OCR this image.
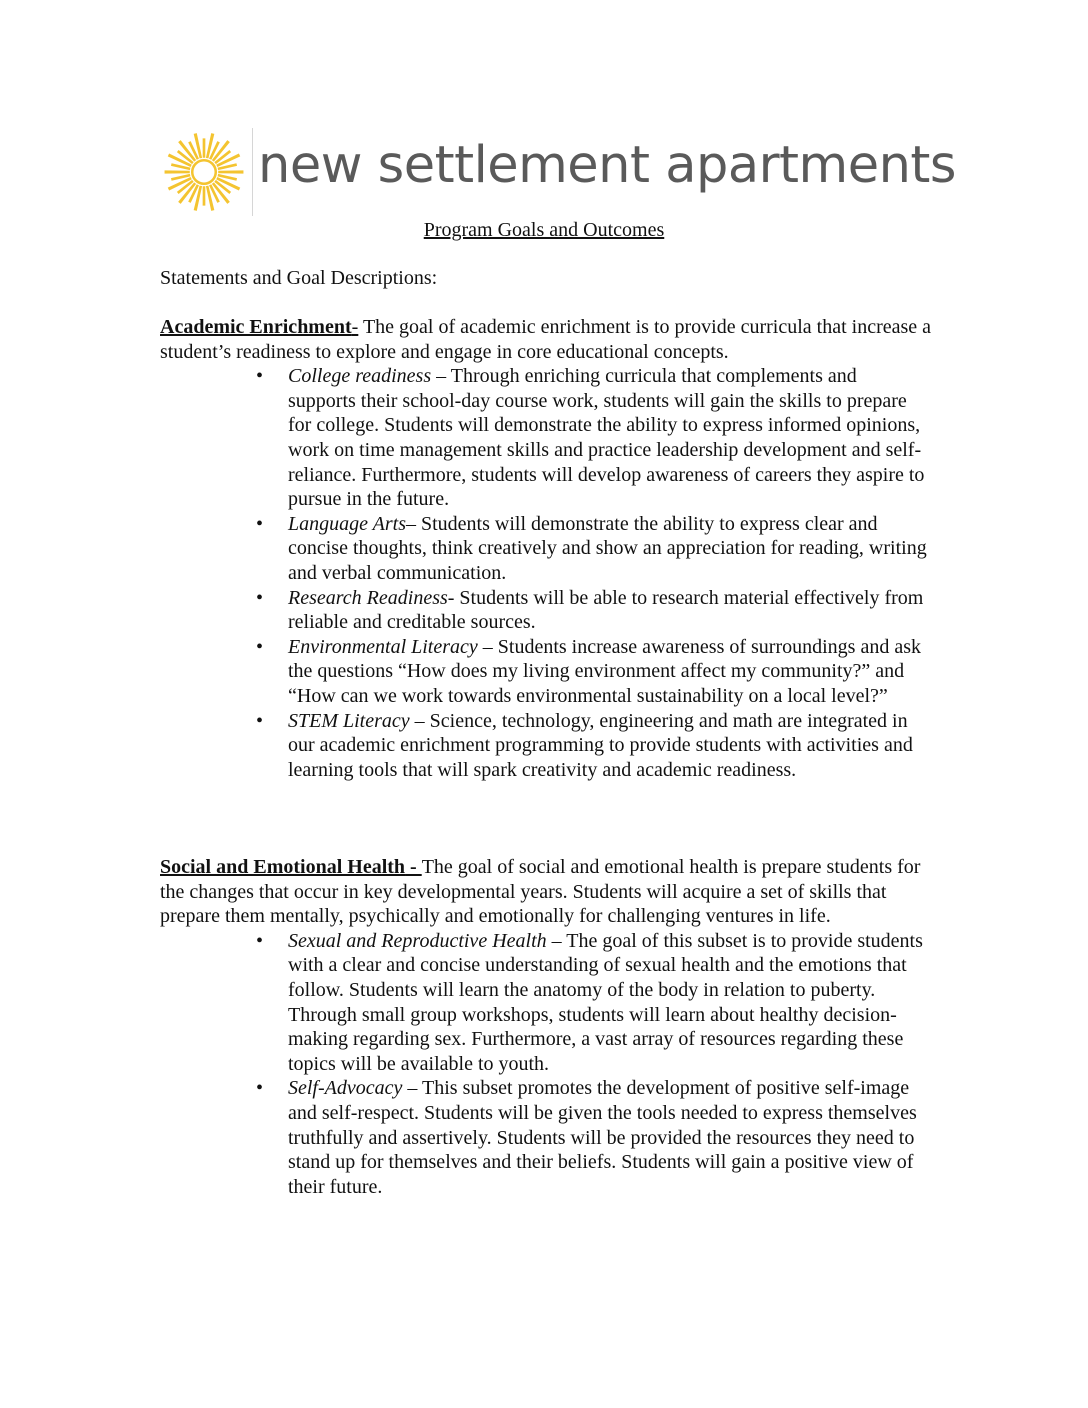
new settlement apartments
Program Goals and Outcomes
Statements and Goal Descriptions:
Academic Enrichment- The goal of academic enrichment is to provide curricula that increase a student’s readiness to explore and engage in core educational concepts.
• College readiness – Through enriching curricula that complements and supports their school-day course work, students will gain the skills to prepare for college. Students will demonstrate the ability to express informed opinions, work on time management skills and practice leadership development and self-reliance. Furthermore, students will develop awareness of careers they aspire to pursue in the future.
• Language Arts– Students will demonstrate the ability to express clear and concise thoughts, think creatively and show an appreciation for reading, writing and verbal communication.
• Research Readiness- Students will be able to research material effectively from reliable and creditable sources.
• Environmental Literacy – Students increase awareness of surroundings and ask the questions “How does my living environment affect my community?” and “How can we work towards environmental sustainability on a local level?”
• STEM Literacy – Science, technology, engineering and math are integrated in our academic enrichment programming to provide students with activities and learning tools that will spark creativity and academic readiness.
Social and Emotional Health - The goal of social and emotional health is prepare students for the changes that occur in key developmental years. Students will acquire a set of skills that prepare them mentally, psychically and emotionally for challenging ventures in life.
• Sexual and Reproductive Health – The goal of this subset is to provide students with a clear and concise understanding of sexual health and the emotions that follow. Students will learn the anatomy of the body in relation to puberty. Through small group workshops, students will learn about healthy decision-making regarding sex. Furthermore, a vast array of resources regarding these topics will be available to youth.
• Self-Advocacy – This subset promotes the development of positive self-image and self-respect. Students will be given the tools needed to express themselves truthfully and assertively. Students will be provided the resources they need to stand up for themselves and their beliefs. Students will gain a positive view of their future.
